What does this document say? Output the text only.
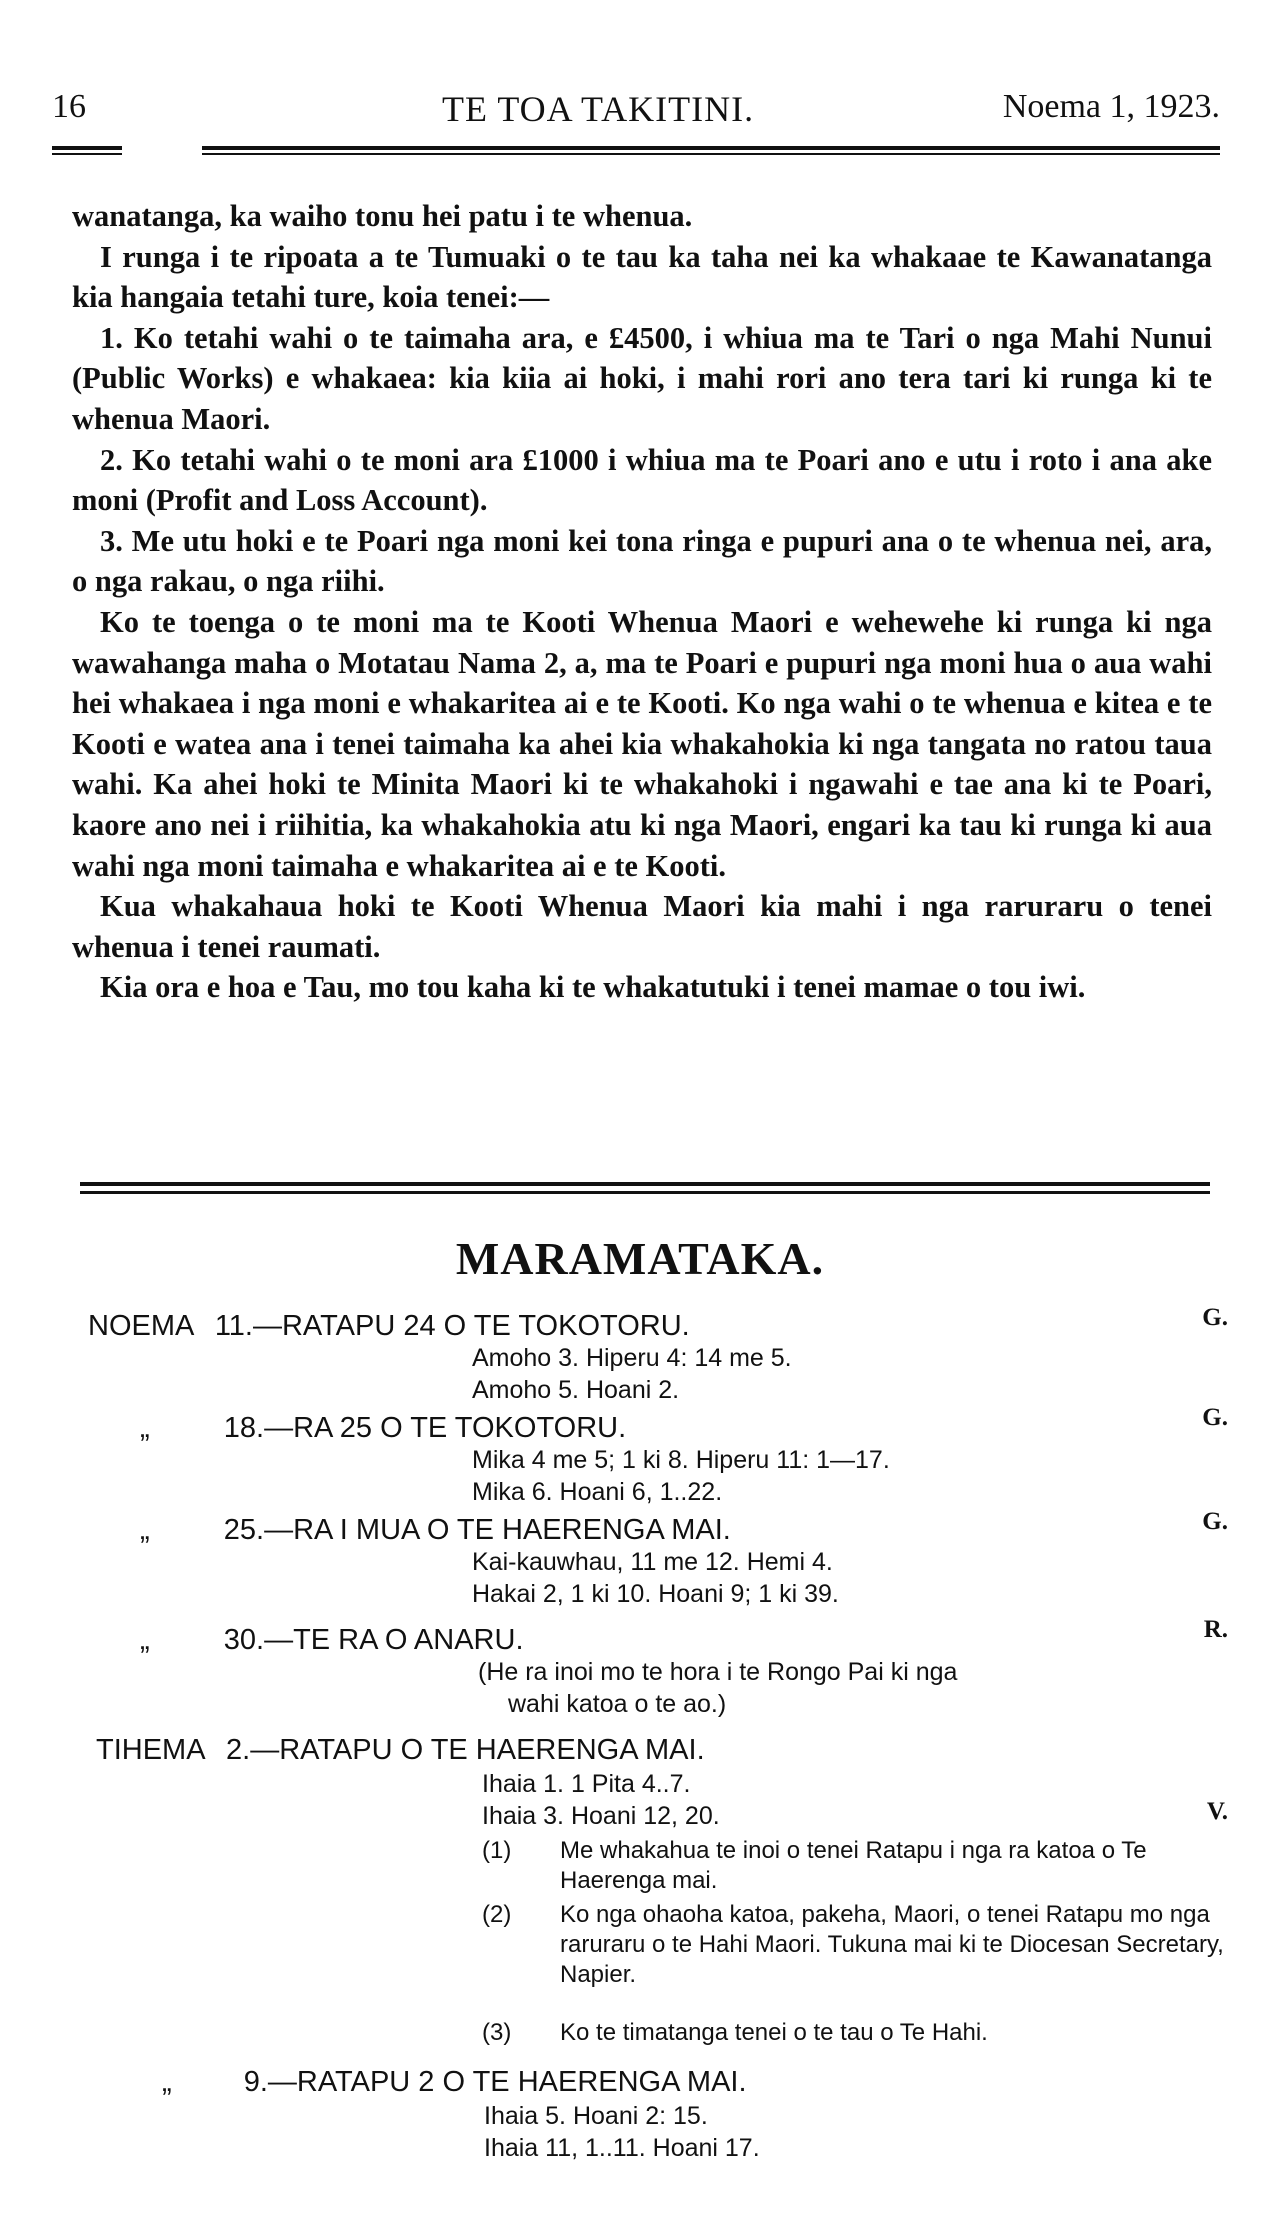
16	TE TOA TAKITINI.	Noema 1, 1923.

wanatanga, ka waiho tonu hei patu i te whenua.

I runga i te ripoata a te Tumuaki o te tau ka taha nei ka whakaae te Kawanatanga kia hangaia tetahi ture, koia tenei:—

1. Ko tetahi wahi o te taimaha ara, e £4500, i whiua ma te Tari o nga Mahi Nunui (Public Works) e whakaea: kia kiia ai hoki, i mahi rori ano tera tari ki runga ki te whenua Maori.

2. Ko tetahi wahi o te moni ara £1000 i whiua ma te Poari ano e utu i roto i ana ake moni (Profit and Loss Account).

3. Me utu hoki e te Poari nga moni kei tona ringa e pupuri ana o te whenua nei, ara, o nga rakau, o nga riihi.

Ko te toenga o te moni ma te Kooti Whenua Maori e wehewehe ki runga ki nga wawahanga maha o Motatau Nama 2, a, ma te Poari e pupuri nga moni hua o aua wahi hei whakaea i nga moni e whakaritea ai e te Kooti. Ko nga wahi o te whenua e kitea e te Kooti e watea ana i tenei taimaha ka ahei kia whakahokia ki nga tangata no ratou taua wahi. Ka ahei hoki te Minita Maori ki te whakahoki i ngawahi e tae ana ki te Poari, kaore ano nei i riihitia, ka whakahokia atu ki nga Maori, engari ka tau ki runga ki aua wahi nga moni taimaha e whakaritea ai e te Kooti.

Kua whakahaua hoki te Kooti Whenua Maori kia mahi i nga raruraru o tenei whenua i tenei raumati.

Kia ora e hoa e Tau, mo tou kaha ki te whakatutuki i tenei mamae o tou iwi.

MARAMATAKA.
NOEMA 11.—RATAPU 24 O TE TOKOTORU.	G.
Amoho 3. Hiperu 4: 14 me 5.
Amoho 5. Hoani 2.
„	18.—RA 25 O TE TOKOTORU.	G.
Mika 4 me 5; 1 ki 8. Hiperu 11: 1—17.
Mika 6. Hoani 6, 1..22.
„	25.—RA I MUA O TE HAERENGA MAI.	G.
Kai-kauwhau, 11 me 12. Hemi 4.
Hakai 2, 1 ki 10. Hoani 9; 1 ki 39.
„	30.—TE RA O ANARU.	R.
(He ra inoi mo te hora i te Rongo Pai ki nga
wahi katoa o te ao.)
TIHEMA 2.—RATAPU O TE HAERENGA MAI.
Ihaia 1. 1 Pita 4..7.
Ihaia 3. Hoani 12, 20.	V.
(1) Me whakahua te inoi o tenei Ratapu i nga ra katoa o Te Haerenga mai.
(2) Ko nga ohaoha katoa, pakeha, Maori, o tenei Ratapu mo nga raruraru o te Hahi Maori. Tukuna mai ki te Diocesan Secretary, Napier.
(3) Ko te timatanga tenei o te tau o Te Hahi.
„ 9.—RATAPU 2 O TE HAERENGA MAI.
Ihaia 5. Hoani 2: 15.
Ihaia 11, 1..11. Hoani 17.
